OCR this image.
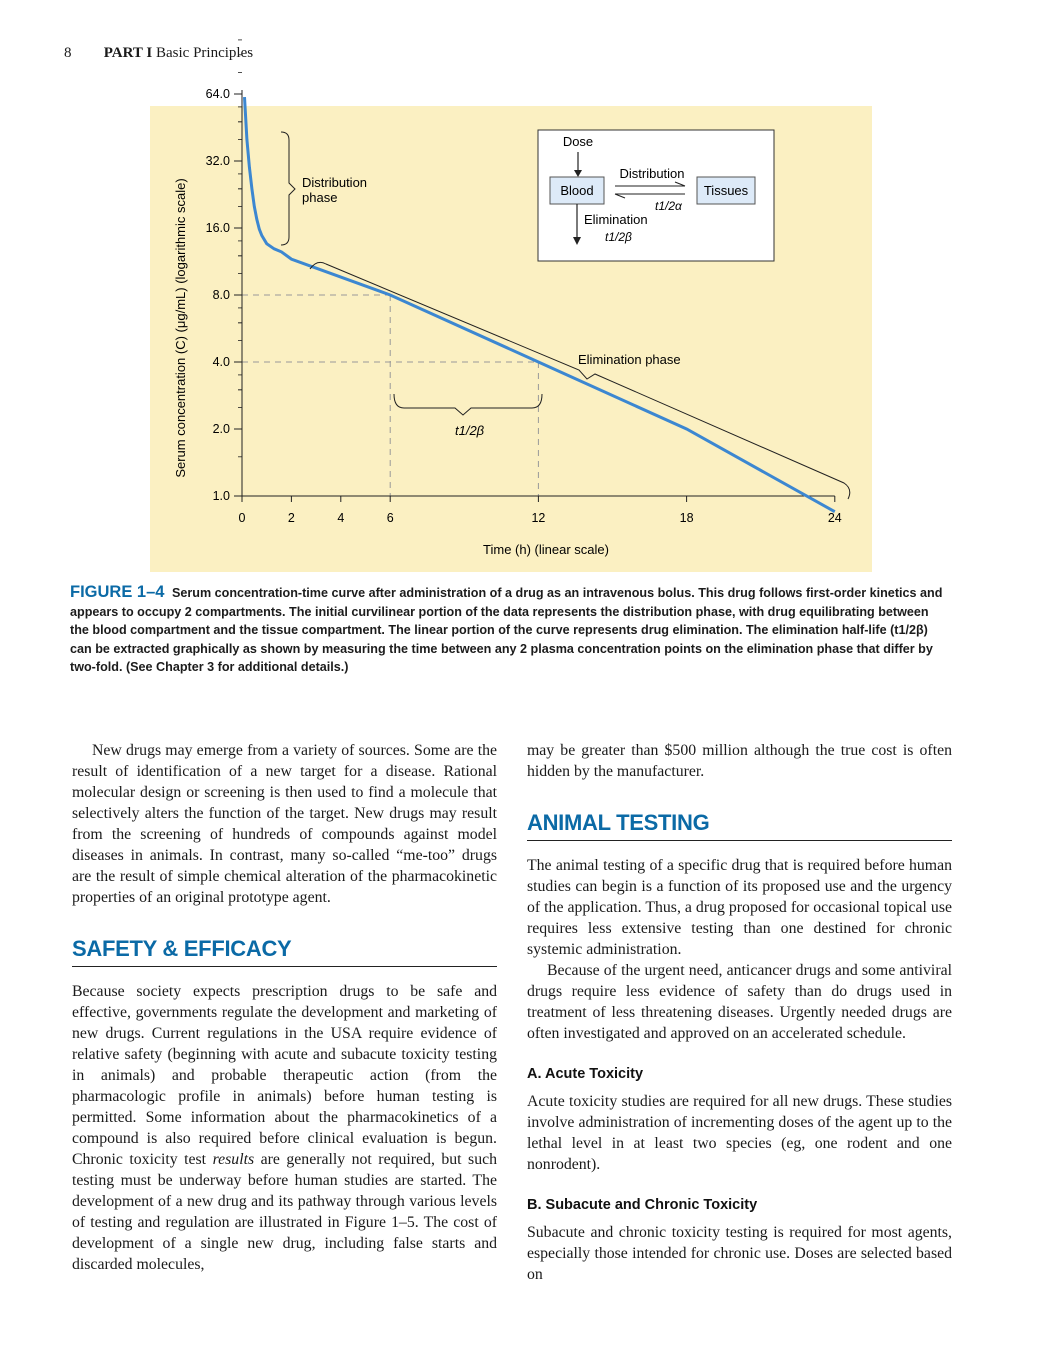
8 PART I Basic Principles
64.0
32.0
16.0
8.0
4.0
2.0
1.0
0	2	4	6	12	18	24
Serum concentration (C) (μg/mL) (logarithmic scale)
Time (h) (linear scale)
Distribution
phase
Elimination phase
t1/2β
Dose
Blood	Tissues
Distribution
t1/2α
Elimination
t1/2β
FIGURE 1–4 Serum concentration-time curve after administration of a drug as an intravenous bolus. This drug follows first-order kinetics and appears to occupy 2 compartments. The initial curvilinear portion of the data represents the distribution phase, with drug equilibrating between the blood compartment and the tissue compartment. The linear portion of the curve represents drug elimination. The elimination half-life (t1/2β) can be extracted graphically as shown by measuring the time between any 2 plasma concentration points on the elimination phase that differ by two-fold. (See Chapter 3 for additional details.)

New drugs may emerge from a variety of sources. Some are the result of identification of a new target for a disease. Rational molecular design or screening is then used to find a molecule that selectively alters the function of the target. New drugs may result from the screening of hundreds of compounds against model diseases in animals. In contrast, many so-called “me-too” drugs are the result of simple chemical alteration of the pharmacokinetic properties of an original prototype agent.

SAFETY & EFFICACY

Because society expects prescription drugs to be safe and effective, governments regulate the development and marketing of new drugs. Current regulations in the USA require evidence of relative safety (beginning with acute and subacute toxicity testing in animals) and probable therapeutic action (from the pharmacologic profile in animals) before human testing is permitted. Some information about the pharmacokinetics of a compound is also required before clinical evaluation is begun. Chronic toxicity test results are generally not required, but such testing must be underway before human studies are started. The development of a new drug and its pathway through various levels of testing and regulation are illustrated in Figure 1–5. The cost of development of a single new drug, including false starts and discarded molecules,

may be greater than $500 million although the true cost is often hidden by the manufacturer.

ANIMAL TESTING

The animal testing of a specific drug that is required before human studies can begin is a function of its proposed use and the urgency of the application. Thus, a drug proposed for occasional topical use requires less extensive testing than one destined for chronic systemic administration.

Because of the urgent need, anticancer drugs and some antiviral drugs require less evidence of safety than do drugs used in treatment of less threatening diseases. Urgently needed drugs are often investigated and approved on an accelerated schedule.

A. Acute Toxicity

Acute toxicity studies are required for all new drugs. These studies involve administration of incrementing doses of the agent up to the lethal level in at least two species (eg, one rodent and one nonrodent).

B. Subacute and Chronic Toxicity

Subacute and chronic toxicity testing is required for most agents, especially those intended for chronic use. Doses are selected based on
